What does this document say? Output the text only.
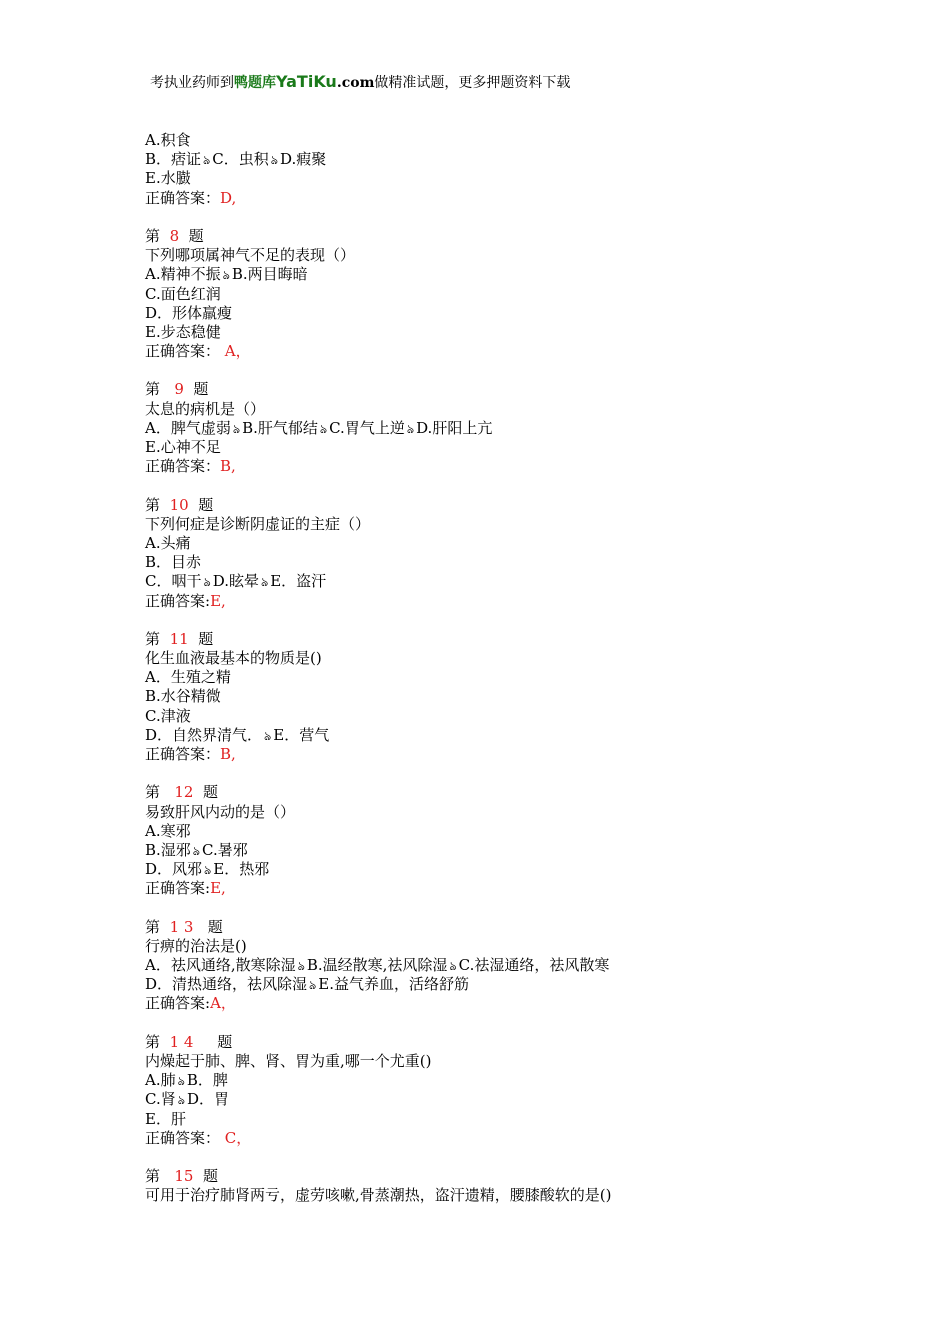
考执业药师到鸭题库YaTiKu.com做精准试题，更多押题资料下载
A.积食
B．痞证 ঌ C．虫积 ঌ D.瘕聚
E.水臌
正确答案：D,
第 8 题
下列哪项属神气不足的表现（）
A.精神不振 ঌ B.两目晦暗
C.面色红润
D．形体羸瘦
E.步态稳健
正确答案： A，
第 9 题
太息的病机是（）
A．脾气虚弱 ঌ B.肝气郁结 ঌ C.胃气上逆 ঌ D.肝阳上亢
E.心神不足
正确答案：B,
第 10 题
下列何症是诊断阴虚证的主症（）
A.头痛
B．目赤
C．咽干 ঌ D.眩晕 ঌ E．盗汗
正确答案:E,
第 11 题
化生血液最基本的物质是()
A．生殖之精
B.水谷精微
C.津液
D．自然界清气． ঌ E．营气
正确答案：B,
第 12 题
易致肝风内动的是（）
A.寒邪
B.湿邪 ঌ C.暑邪
D．风邪 ঌ E．热邪
正确答案:E,
第 1 3 题
行痹的治法是()
A．祛风通络,散寒除湿 ঌ B.温经散寒,祛风除湿 ঌ C.祛湿通络，祛风散寒
D．清热通络，祛风除湿 ঌ E.益气养血，活络舒筋
正确答案:A，
第 1 4 题
内燥起于肺、脾、肾、胃为重,哪一个尤重()
A.肺 ঌ B．脾
C.肾 ঌ D．胃
E．肝
正确答案： C，
第 15 题
可用于治疗肺肾两亏，虚劳咳嗽,骨蒸潮热，盗汗遗精，腰膝酸软的是()
